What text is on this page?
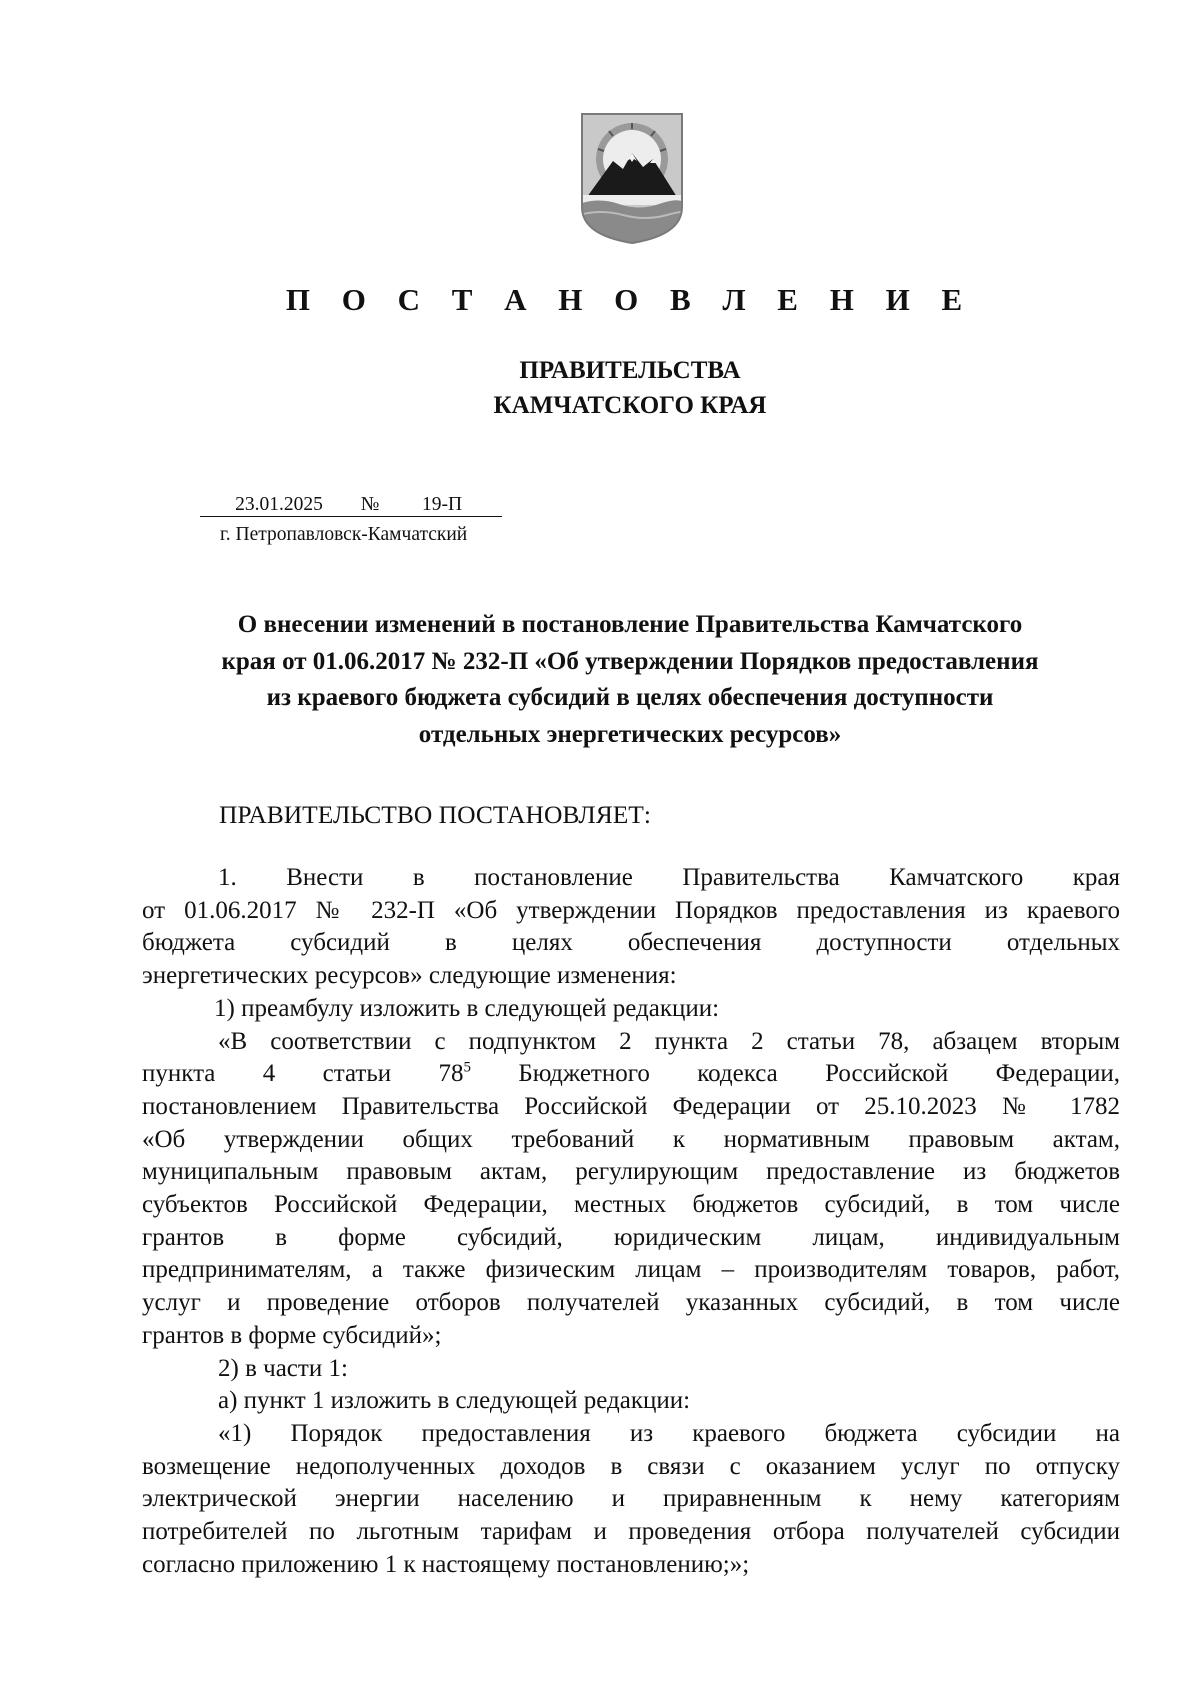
П О С Т А Н О В Л Е Н И Е
ПРАВИТЕЛЬСТВА
КАМЧАТСКОГО КРАЯ
23.01.2025 № 19-П
г. Петропавловск-Камчатский
О внесении изменений в постановление Правительства Камчатского
края от 01.06.2017 № 232-П «Об утверждении Порядков предоставления
из краевого бюджета субсидий в целях обеспечения доступности
отдельных энергетических ресурсов»
ПРАВИТЕЛЬСТВО ПОСТАНОВЛЯЕТ:
1. Внести в постановление Правительства Камчатского края
от 01.06.2017 № 232-П «Об утверждении Порядков предоставления из краевого
бюджета субсидий в целях обеспечения доступности отдельных
энергетических ресурсов» следующие изменения:
1) преамбулу изложить в следующей редакции:
«В соответствии с подпунктом 2 пункта 2 статьи 78, абзацем вторым
пункта 4 статьи $78^5$ Бюджетного кодекса Российской Федерации,
постановлением Правительства Российской Федерации от 25.10.2023 № 1782
«Об утверждении общих требований к нормативным правовым актам,
муниципальным правовым актам, регулирующим предоставление из бюджетов
субъектов Российской Федерации, местных бюджетов субсидий, в том числе
грантов в форме субсидий, юридическим лицам, индивидуальным
предпринимателям, а также физическим лицам – производителям товаров, работ,
услуг и проведение отборов получателей указанных субсидий, в том числе
грантов в форме субсидий»;
2) в части 1:
а) пункт 1 изложить в следующей редакции:
«1) Порядок предоставления из краевого бюджета субсидии на
возмещение недополученных доходов в связи с оказанием услуг по отпуску
электрической энергии населению и приравненным к нему категориям
потребителей по льготным тарифам и проведения отбора получателей субсидии
согласно приложению 1 к настоящему постановлению;»;
